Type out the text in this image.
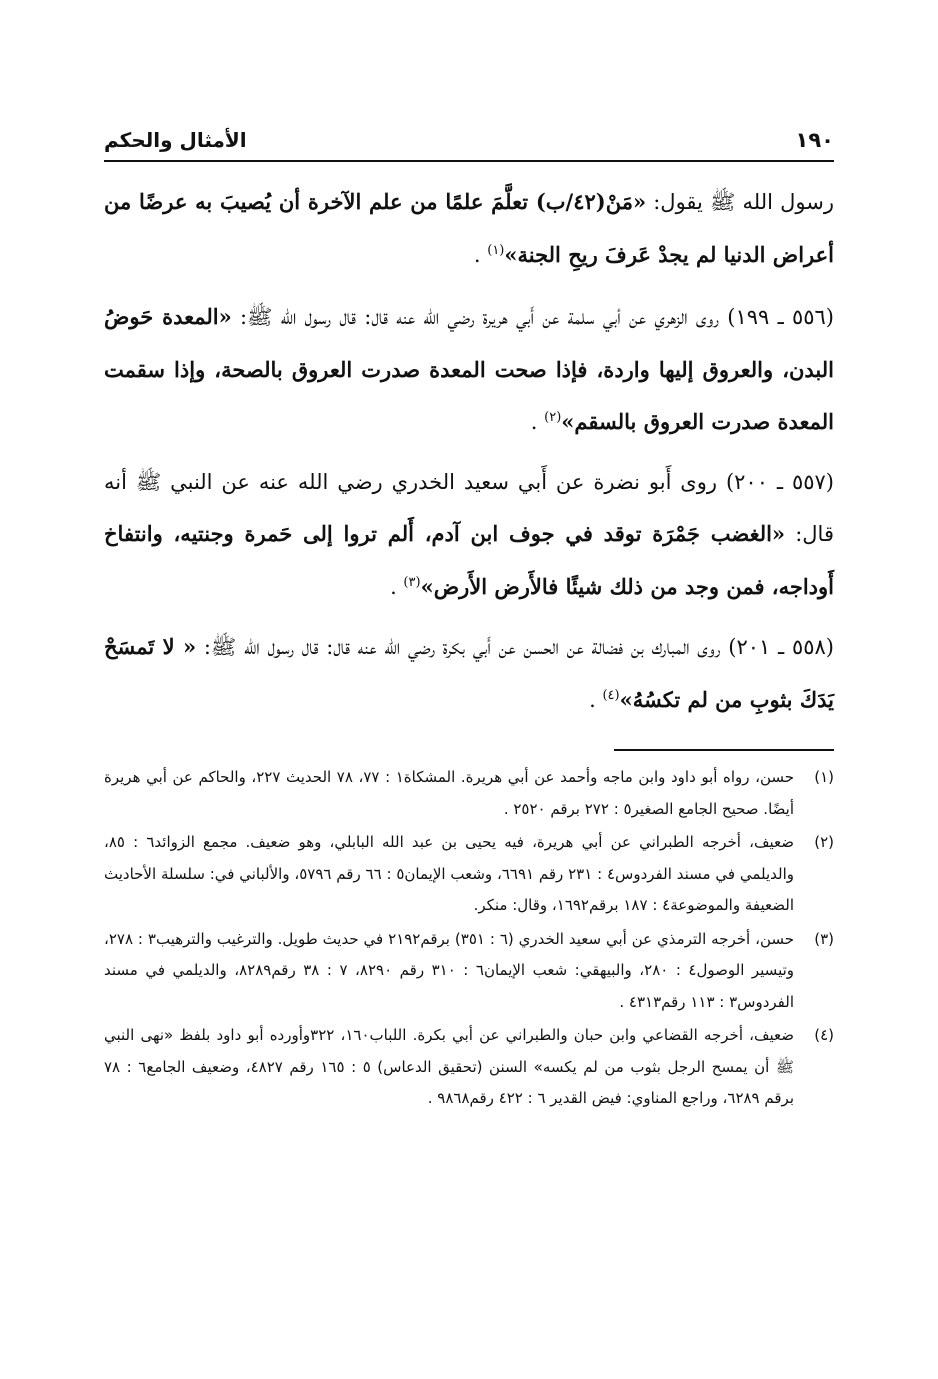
١٩٠
الأمثال والحكم

رسول الله ﷺ يقول: «مَنْ(٤٢/ب) تعلَّمَ علمًا من علم الآخرة أن يُصيبَ به عرضًا من أعراض الدنيا لم يجدْ عَرفَ ريحِ الجنة»$^{(١)}$ .

(٥٥٦ ـ ١٩٩) روى الزهري عن أبي سلمة عن أَبي هريرة رضي الله عنه قال: قال رسول الله ﷺ: «المعدة حَوضُ البدن، والعروق إليها واردة، فإذا صحت المعدة صدرت العروق بالصحة، وإذا سقمت المعدة صدرت العروق بالسقم»$^{(٢)}$ .

(٥٥٧ ـ ٢٠٠) روى أَبو نضرة عن أَبي سعيد الخدري رضي الله عنه عن النبي ﷺ أنه قال: «الغضب جَمْرَة توقد في جوف ابن آدم، أَلم تروا إلى حَمرة وجنتيه، وانتفاخ أَوداجه، فمن وجد من ذلك شيئًا فالأَرض الأَرض»$^{(٣)}$ .

(٥٥٨ ـ ٢٠١) روى المبارك بن فضالة عن الحسن عن أَبي بكرة رضي الله عنه قال: قال رسول الله ﷺ: « لا تَمسَحْ يَدَكَ بثوبِ من لم تكسُهُ»$^{(٤)}$ .

(١)
حسن، رواه أبو داود وابن ماجه وأحمد عن أبي هريرة. المشكاة١ : ٧٧، ٧٨ الحديث ٢٢٧، والحاكم عن أبي هريرة أيضًا. صحيح الجامع الصغير٥ : ٢٧٢ برقم ٢٥٢٠ .
(٢)
ضعيف، أخرجه الطبراني عن أبي هريرة، فيه يحيى بن عبد الله البابلي، وهو ضعيف. مجمع الزوائد٦ : ٨٥، والديلمي في مسند الفردوس٤ : ٢٣١ رقم ٦٦٩١، وشعب الإيمان٥ : ٦٦ رقم ٥٧٩٦، والألباني في: سلسلة الأحاديث الضعيفة والموضوعة٤ : ١٨٧ برقم١٦٩٢، وقال: منكر.
(٣)
حسن، أخرجه الترمذي عن أبي سعيد الخدري (٦ : ٣٥١) برقم٢١٩٢ في حديث طويل. والترغيب والترهيب٣ : ٢٧٨، وتيسير الوصول٤ : ٢٨٠، والبيهقي: شعب الإيمان٦ : ٣١٠ رقم ٨٢٩٠، ٧ : ٣٨ رقم٨٢٨٩، والديلمي في مسند الفردوس٣ : ١١٣ رقم٤٣١٣ .
(٤)
ضعيف، أخرجه القضاعي وابن حبان والطبراني عن أبي بكرة. اللباب١٦٠، ٣٢٢وأورده أبو داود بلفظ «نهى النبي ﷺ أن يمسح الرجل بثوب من لم يكسه» السنن (تحقيق الدعاس) ٥ : ١٦٥ رقم ٤٨٢٧، وضعيف الجامع٦ : ٧٨ برقم ٦٢٨٩، وراجع المناوي: فيض القدير ٦ : ٤٢٢ رقم٩٨٦٨ .
